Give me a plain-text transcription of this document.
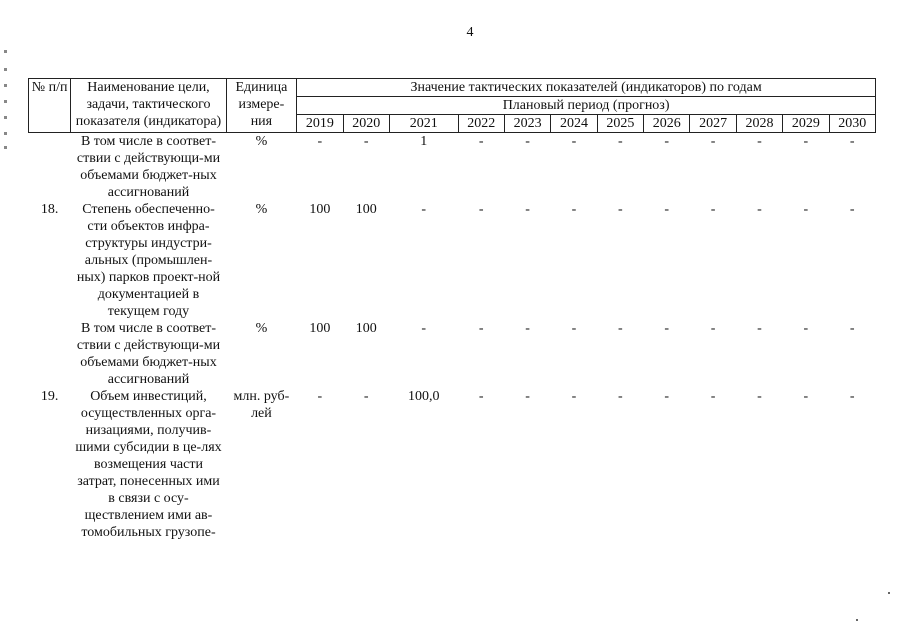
4
№ п/п	Наименование цели, задачи, тактического показателя (индикатора)	Единица измере-ния	Значение тактических показателей (индикаторов) по годам											
			Плановый период (прогноз)											
			2019	2020	2021	2022	2023	2024	2025	2026	2027	2028	2029	2030
	В том числе в соответ-ствии с действующи-ми объемами бюджет-ных ассигнований	%	-	-	1	-	-	-	-	-	-	-	-	-
18.	Степень обеспеченно-сти объектов инфра-структуры индустри-альных (промышлен-ных) парков проект-ной документацией в текущем году	%	100	100	-	-	-	-	-	-	-	-	-	-
	В том числе в соответ-ствии с действующи-ми объемами бюджет-ных ассигнований	%	100	100	-	-	-	-	-	-	-	-	-	-
19.	Объем инвестиций, осуществленных орга-низациями, получив-шими субсидии в це-лях возмещения части затрат, понесенных ими в связи с осу-ществлением ими ав-томобильных грузопе-	млн. руб-лей	-	-	100,0	-	-	-	-	-	-	-	-	-
